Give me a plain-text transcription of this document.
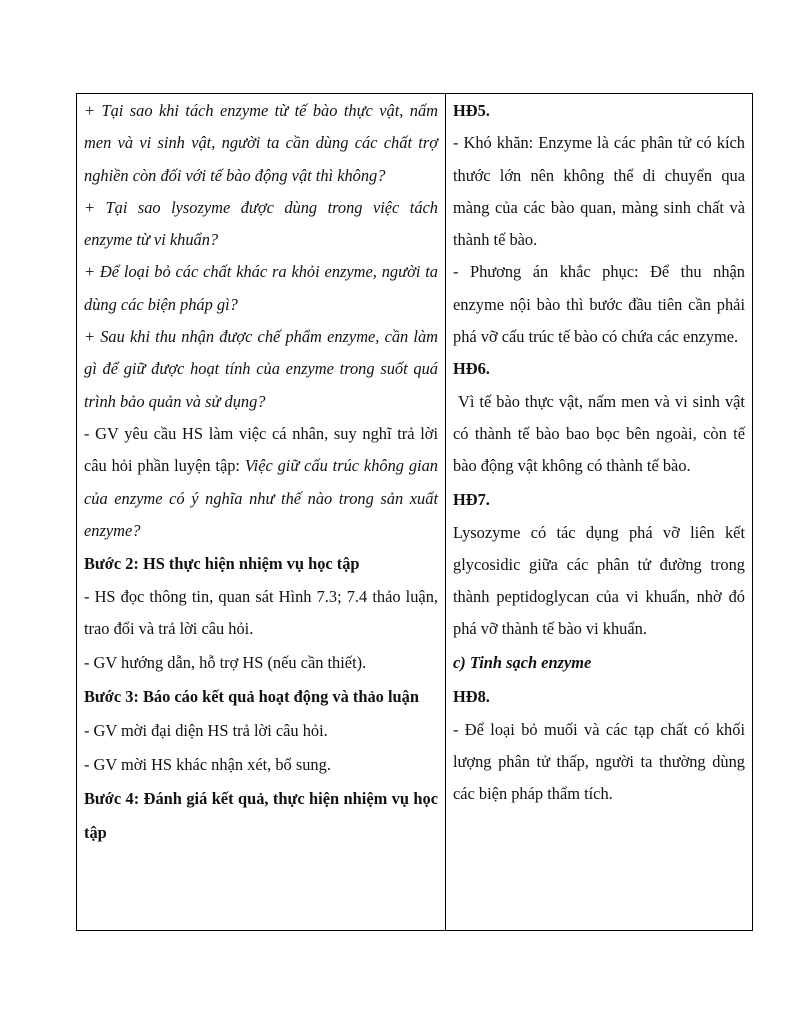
+ Tại sao khi tách enzyme từ tế bào thực vật, nấm men và vi sinh vật, người ta cần dùng các chất trợ nghiền còn đối với tế bào động vật thì không?

+ Tại sao lysozyme được dùng trong việc tách enzyme từ vi khuẩn?

+ Để loại bỏ các chất khác ra khỏi enzyme, người ta dùng các biện pháp gì?

+ Sau khi thu nhận được chế phẩm enzyme, cần làm gì để giữ được hoạt tính của enzyme trong suốt quá trình bảo quản và sử dụng?

- GV yêu cầu HS làm việc cá nhân, suy nghĩ trả lời câu hỏi phần luyện tập: Việc giữ cấu trúc không gian của enzyme có ý nghĩa như thế nào trong sản xuất enzyme?

Bước 2: HS thực hiện nhiệm vụ học tập

- HS đọc thông tin, quan sát Hình 7.3; 7.4 thảo luận, trao đổi và trả lời câu hỏi.

- GV hướng dẫn, hỗ trợ HS (nếu cần thiết).

Bước 3: Báo cáo kết quả hoạt động và thảo luận

- GV mời đại diện HS trả lời câu hỏi.

- GV mời HS khác nhận xét, bổ sung.

Bước 4: Đánh giá kết quả, thực hiện nhiệm vụ học tập

HĐ5.

- Khó khăn: Enzyme là các phân tử có kích thước lớn nên không thể di chuyển qua màng của các bào quan, màng sinh chất và thành tế bào.

- Phương án khắc phục: Để thu nhận enzyme nội bào thì bước đầu tiên cần phải phá vỡ cấu trúc tế bào có chứa các enzyme.

HĐ6.

Vì tế bào thực vật, nấm men và vi sinh vật có thành tế bào bao bọc bên ngoài, còn tế bào động vật không có thành tế bào.

HĐ7.

Lysozyme có tác dụng phá vỡ liên kết glycosidic giữa các phân tử đường trong thành peptidoglycan của vi khuẩn, nhờ đó phá vỡ thành tế bào vi khuẩn.

c) Tinh sạch enzyme

HĐ8.

- Để loại bỏ muối và các tạp chất có khối lượng phân tử thấp, người ta thường dùng các biện pháp thẩm tích.
